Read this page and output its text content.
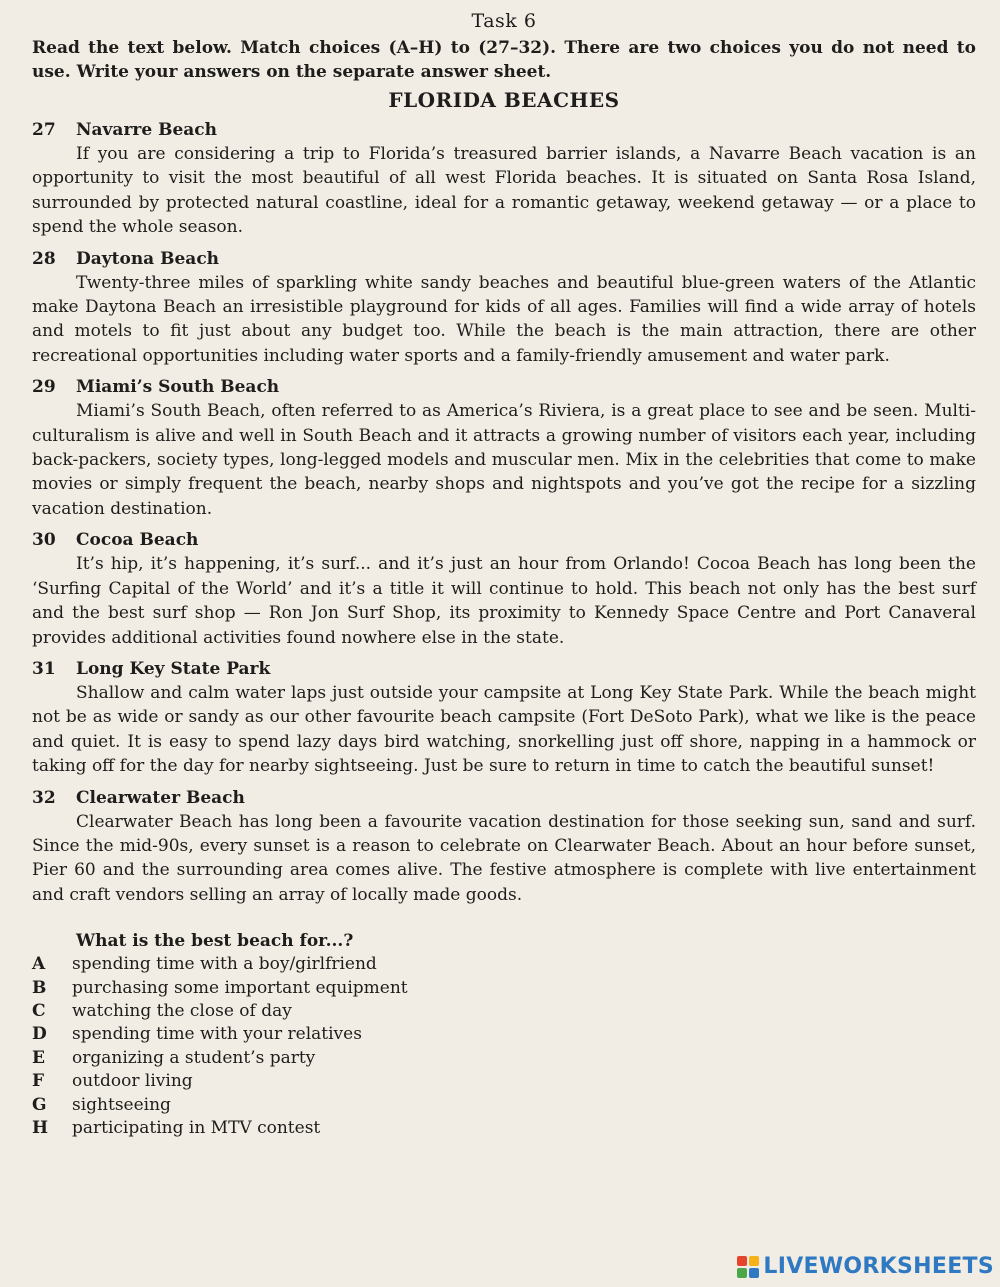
Task 6

Read the text below. Match choices (A–H) to (27–32). There are two choices you do not need to use. Write your answers on the separate answer sheet.

FLORIDA BEACHES

27 Navarre Beach

If you are considering a trip to Florida’s treasured barrier islands, a Navarre Beach vacation is an opportunity to visit the most beautiful of all west Florida beaches. It is situated on Santa Rosa Island, surrounded by protected natural coastline, ideal for a romantic getaway, weekend getaway — or a place to spend the whole season.

28 Daytona Beach

Twenty-three miles of sparkling white sandy beaches and beautiful blue-green waters of the Atlantic make Daytona Beach an irresistible playground for kids of all ages. Families will find a wide array of hotels and motels to fit just about any budget too. While the beach is the main attraction, there are other recreational opportunities including water sports and a family-friendly amusement and water park.

29 Miami’s South Beach

Miami’s South Beach, often referred to as America’s Riviera, is a great place to see and be seen. Multi-culturalism is alive and well in South Beach and it attracts a growing number of visitors each year, including back-packers, society types, long-legged models and muscular men. Mix in the celebrities that come to make movies or simply frequent the beach, nearby shops and nightspots and you’ve got the recipe for a sizzling vacation destination.

30 Cocoa Beach

It’s hip, it’s happening, it’s surf... and it’s just an hour from Orlando! Cocoa Beach has long been the ‘Surfing Capital of the World’ and it’s a title it will continue to hold. This beach not only has the best surf and the best surf shop — Ron Jon Surf Shop, its proximity to Kennedy Space Centre and Port Canaveral provides additional activities found nowhere else in the state.

31 Long Key State Park

Shallow and calm water laps just outside your campsite at Long Key State Park. While the beach might not be as wide or sandy as our other favourite beach campsite (Fort DeSoto Park), what we like is the peace and quiet. It is easy to spend lazy days bird watching, snorkelling just off shore, napping in a hammock or taking off for the day for nearby sightseeing. Just be sure to return in time to catch the beautiful sunset!

32 Clearwater Beach

Clearwater Beach has long been a favourite vacation destination for those seeking sun, sand and surf. Since the mid-90s, every sunset is a reason to celebrate on Clearwater Beach. About an hour before sunset, Pier 60 and the surrounding area comes alive. The festive atmosphere is complete with live entertainment and craft vendors selling an array of locally made goods.

What is the best beach for...?

A	spending time with a boy/girlfriend
B	purchasing some important equipment
C	watching the close of day
D	spending time with your relatives
E	organizing a student’s party
F	outdoor living
G	sightseeing
H	participating in MTV contest
LIVEWORKSHEETS
